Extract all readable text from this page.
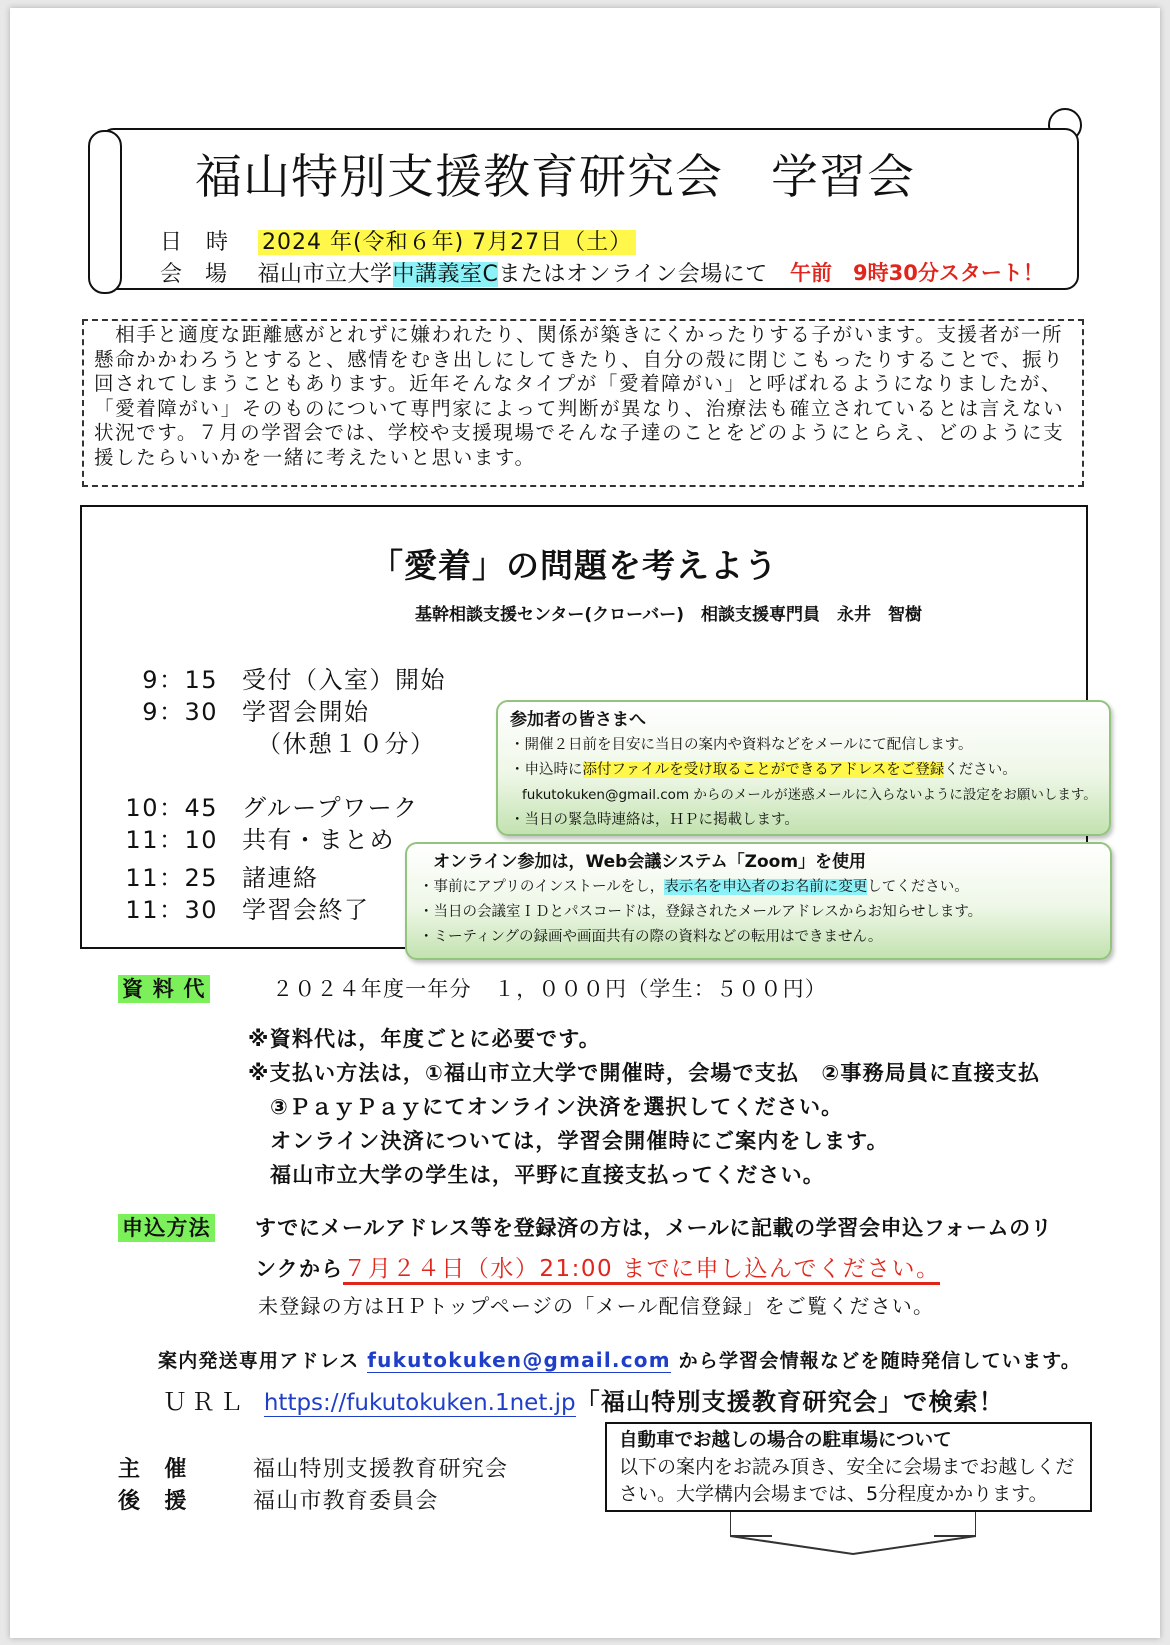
福山特別支援教育研究会　学習会
日　時 2024 年(令和６年) 7月27日（土）
会　場 福山市立大学中講義室Cまたはオンライン会場にて 午前　9時30分スタート！
　相手と適度な距離感がとれずに嫌われたり、関係が築きにくかったりする子がいます。支援者が一所懸命かかわろうとすると、感情をむき出しにしてきたり、自分の殻に閉じこもったりすることで、振り回されてしまうこともあります。近年そんなタイプが「愛着障がい」と呼ばれるようになりましたが、「愛着障がい」そのものについて専門家によって判断が異なり、治療法も確立されているとは言えない状況です。７月の学習会では、学校や支援現場でそんな子達のことをどのようにとらえ、どのように支援したらいいかを一緒に考えたいと思います。
「愛着」の問題を考えよう
基幹相談支援センター(クローバー)　相談支援専門員　永井　智樹
9：15 受付（入室）開始
9：30 学習会開始
（休憩１０分）
10：45 グループワーク
11：10 共有・まとめ
11：25 諸連絡
11：30 学習会終了
参加者の皆さまへ
・開催２日前を目安に当日の案内や資料などをメールにて配信します。
・申込時に添付ファイルを受け取ることができるアドレスをご登録ください。
fukutokuken@gmail.com からのメールが迷惑メールに入らないように設定をお願いします。
・当日の緊急時連絡は，ＨＰに掲載します。
オンライン参加は，Web会議システム「Zoom」を使用
・事前にアプリのインストールをし，表示名を申込者のお名前に変更してください。
・当日の会議室ＩＤとパスコードは，登録されたメールアドレスからお知らせします。
・ミーティングの録画や画面共有の際の資料などの転用はできません。
資 料 代	２０２４年度一年分　１，０００円（学生：５００円）
※資料代は，年度ごとに必要です。
※支払い方法は，①福山市立大学で開催時，会場で支払　②事務局員に直接支払
③ＰａｙＰａｙにてオンライン決済を選択してください。
オンライン決済については，学習会開催時にご案内をします。
福山市立大学の学生は，平野に直接支払ってください。
申込方法 すでにメールアドレス等を登録済の方は，メールに記載の学習会申込フォームのリ
ンクから７月２４日（水）21:00 までに申し込んでください。
未登録の方はＨＰトップページの「メール配信登録」をご覧ください。
案内発送専用アドレス fukutokuken@gmail.com から学習会情報などを随時発信しています。
ＵＲＬ https://fukutokuken.1net.jp「福山特別支援教育研究会」で検索！
主　催	福山特別支援教育研究会
後　援	福山市教育委員会
自動車でお越しの場合の駐車場について
以下の案内をお読み頂き、安全に会場までお越しください。大学構内会場までは、5分程度かかります。
